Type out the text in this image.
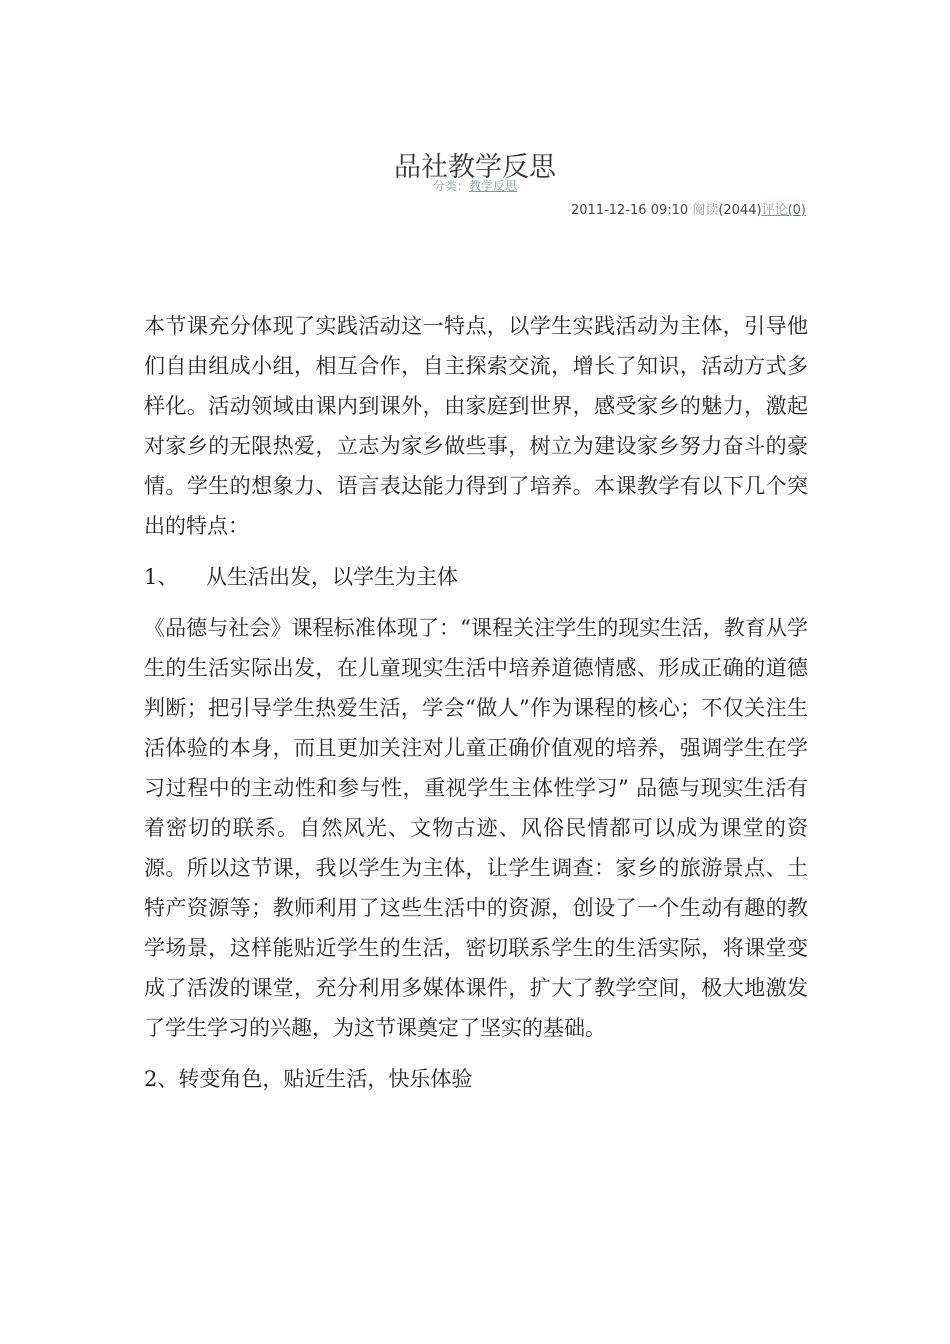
品社教学反思
分类：教学反思
2011-12-16 09:10 阅读(2044)评论(0)

本节课充分体现了实践活动这一特点，以学生实践活动为主体，引导他们自由组成小组，相互合作，自主探索交流，增长了知识，活动方式多样化。活动领域由课内到课外，由家庭到世界，感受家乡的魅力，激起对家乡的无限热爱，立志为家乡做些事，树立为建设家乡努力奋斗的豪情。学生的想象力、语言表达能力得到了培养。本课教学有以下几个突出的特点：

1、 从生活出发，以学生为主体

《品德与社会》课程标准体现了：“课程关注学生的现实生活，教育从学生的生活实际出发，在儿童现实生活中培养道德情感、形成正确的道德判断；把引导学生热爱生活，学会“做人”作为课程的核心；不仅关注生活体验的本身，而且更加关注对儿童正确价值观的培养，强调学生在学习过程中的主动性和参与性，重视学生主体性学习” 品德与现实生活有着密切的联系。自然风光、文物古迹、风俗民情都可以成为课堂的资源。所以这节课，我以学生为主体，让学生调查：家乡的旅游景点、土特产资源等；教师利用了这些生活中的资源，创设了一个生动有趣的教学场景，这样能贴近学生的生活，密切联系学生的生活实际，将课堂变成了活泼的课堂，充分利用多媒体课件，扩大了教学空间，极大地激发了学生学习的兴趣，为这节课奠定了坚实的基础。

2、转变角色，贴近生活，快乐体验
